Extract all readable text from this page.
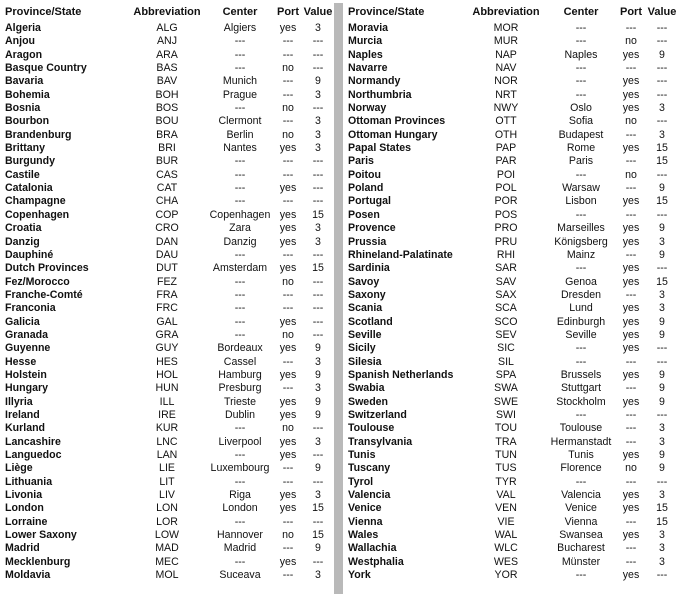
Province/State	Abbreviation	Center	Port Value
Algeria	ALG	Algiers	yes	3
Anjou	ANJ	---	---	---
Aragon	ARA	---	---	---
Basque Country	BAS	---	no	---
Bavaria	BAV	Munich	---	9
Bohemia	BOH	Prague	---	3
Bosnia	BOS	---	no	---
Bourbon	BOU	Clermont	---	3
Brandenburg	BRA	Berlin	no	3
Brittany	BRI	Nantes	yes	3
Burgundy	BUR	---	---	---
Castile	CAS	---	---	---
Catalonia	CAT	---	yes	---
Champagne	CHA	---	---	---
Copenhagen	COP	Copenhagen yes	15
Croatia	CRO	Zara	yes	3
Danzig	DAN	Danzig	yes	3
Dauphiné	DAU	---	---	---
Dutch Provinces	DUT	Amsterdam	yes	15
Fez/Morocco	FEZ	---	no	---
Franche-Comté	FRA	---	---	---
Franconia	FRC	---	---	---
Galicia	GAL	---	yes	---
Granada	GRA	---	no	---
Guyenne	GUY	Bordeaux	yes	9
Hesse	HES	Cassel	---	3
Holstein	HOL	Hamburg	yes	9
Hungary	HUN	Presburg	---	3
Illyria	ILL	Trieste	yes	9
Ireland	IRE	Dublin	yes	9
Kurland	KUR	---	no	---
Lancashire	LNC	Liverpool	yes	3
Languedoc	LAN	---	yes	---
Liège	LIE	Luxembourg	---	9
Lithuania	LIT	---	---	---
Livonia	LIV	Riga	yes	3
London	LON	London	yes	15
Lorraine	LOR	---	---	---
Lower Saxony	LOW	Hannover	no	15
Madrid	MAD	Madrid	---	9
Mecklenburg	MEC	---	yes	---
Moldavia	MOL	Suceava	---	3
Province/State	Abbreviation	Center	Port Value
Moravia	MOR	---	---	---
Murcia	MUR	---	no	---
Naples	NAP	Naples	yes	9
Navarre	NAV	---	---	---
Normandy	NOR	---	yes	---
Northumbria	NRT	---	yes	---
Norway	NWY	Oslo	yes	3
Ottoman Provinces	OTT	Sofia	no	---
Ottoman Hungary	OTH	Budapest	---	3
Papal States	PAP	Rome	yes	15
Paris	PAR	Paris	---	15
Poitou	POI	---	no	---
Poland	POL	Warsaw	---	9
Portugal	POR	Lisbon	yes	15
Posen	POS	---	---	---
Provence	PRO	Marseilles	yes	9
Prussia	PRU	Königsberg	yes	3
Rhineland-Palatinate	RHI	Mainz	---	9
Sardinia	SAR	---	yes	---
Savoy	SAV	Genoa	yes	15
Saxony	SAX	Dresden	---	3
Scania	SCA	Lund	yes	3
Scotland	SCO	Edinburgh	yes	9
Seville	SEV	Seville	yes	9
Sicily	SIC	---	yes	---
Silesia	SIL	---	---	---
Spanish Netherlands	SPA	Brussels	yes	9
Swabia	SWA	Stuttgart	---	9
Sweden	SWE	Stockholm	yes	9
Switzerland	SWI	---	---	---
Toulouse	TOU	Toulouse	---	3
Transylvania	TRA	Hermanstadt	---	3
Tunis	TUN	Tunis	yes	9
Tuscany	TUS	Florence	no	9
Tyrol	TYR	---	---	---
Valencia	VAL	Valencia	yes	3
Venice	VEN	Venice	yes	15
Vienna	VIE	Vienna	---	15
Wales	WAL	Swansea	yes	3
Wallachia	WLC	Bucharest	---	3
Westphalia	WES	Münster	---	3
York	YOR	---	yes	---
